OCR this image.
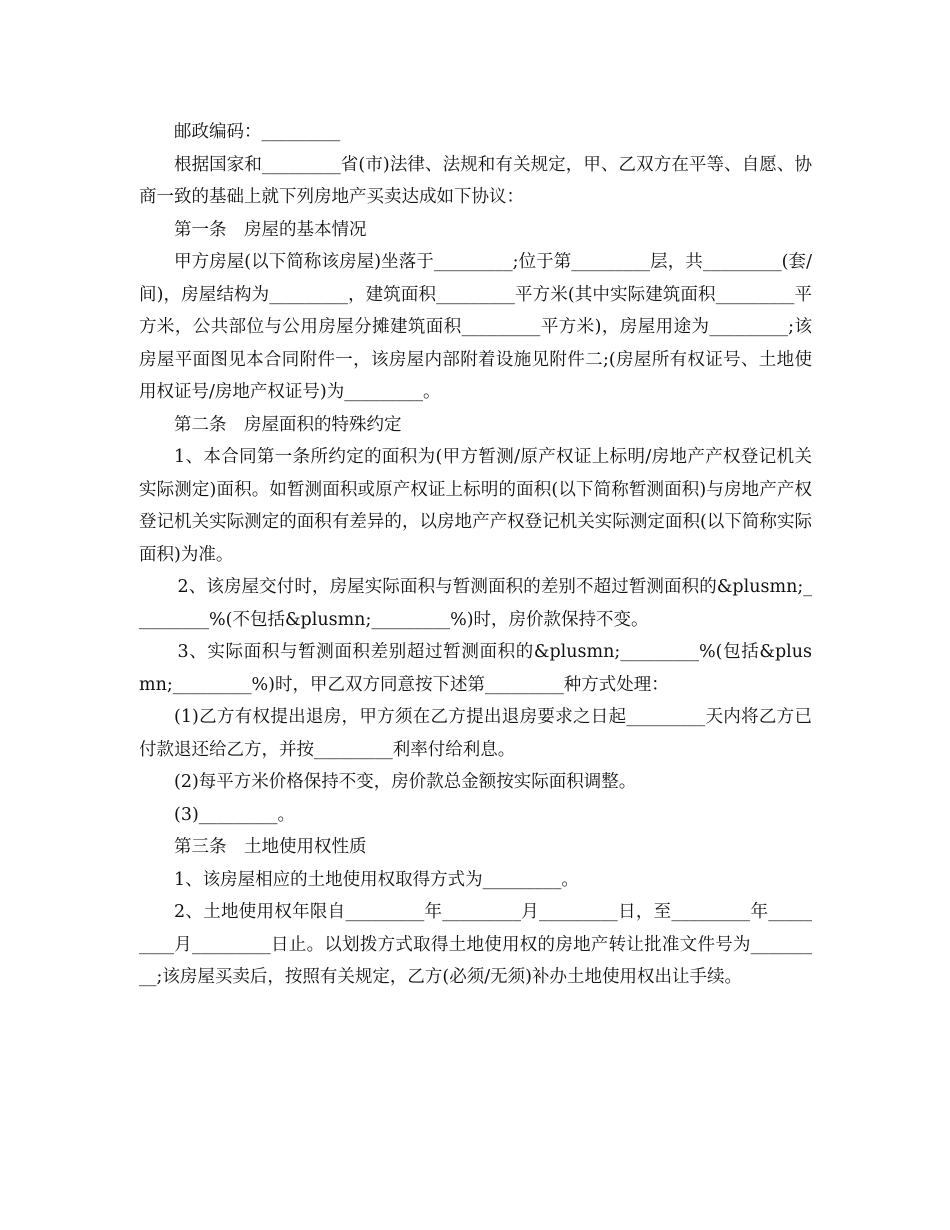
邮政编码：_________

根据国家和_________省(市)法律、法规和有关规定，甲、乙双方在平等、自愿、协商一致的基础上就下列房地产买卖达成如下协议：

第一条　房屋的基本情况

甲方房屋(以下简称该房屋)坐落于_________;位于第_________层，共_________(套/间)，房屋结构为_________，建筑面积_________平方米(其中实际建筑面积_________平方米，公共部位与公用房屋分摊建筑面积_________平方米)，房屋用途为_________;该房屋平面图见本合同附件一，该房屋内部附着设施见附件二;(房屋所有权证号、土地使用权证号/房地产权证号)为_________。

第二条　房屋面积的特殊约定

1、本合同第一条所约定的面积为(甲方暂测/原产权证上标明/房地产产权登记机关实际测定)面积。如暂测面积或原产权证上标明的面积(以下简称暂测面积)与房地产产权登记机关实际测定的面积有差异的，以房地产产权登记机关实际测定面积(以下简称实际面积)为准。

2、该房屋交付时，房屋实际面积与暂测面积的差别不超过暂测面积的&plusmn;_________%(不包括&plusmn;_________%)时，房价款保持不变。

3、实际面积与暂测面积差别超过暂测面积的&plusmn;_________%(包括&plusmn;_________%)时，甲乙双方同意按下述第_________种方式处理：

(1)乙方有权提出退房，甲方须在乙方提出退房要求之日起_________天内将乙方已付款退还给乙方，并按_________利率付给利息。

(2)每平方米价格保持不变，房价款总金额按实际面积调整。

(3)_________。

第三条　土地使用权性质

1、该房屋相应的土地使用权取得方式为_________。

2、土地使用权年限自_________年_________月_________日，至_________年_________月_________日止。以划拨方式取得土地使用权的房地产转让批准文件号为_________;该房屋买卖后，按照有关规定，乙方(必须/无须)补办土地使用权出让手续。
